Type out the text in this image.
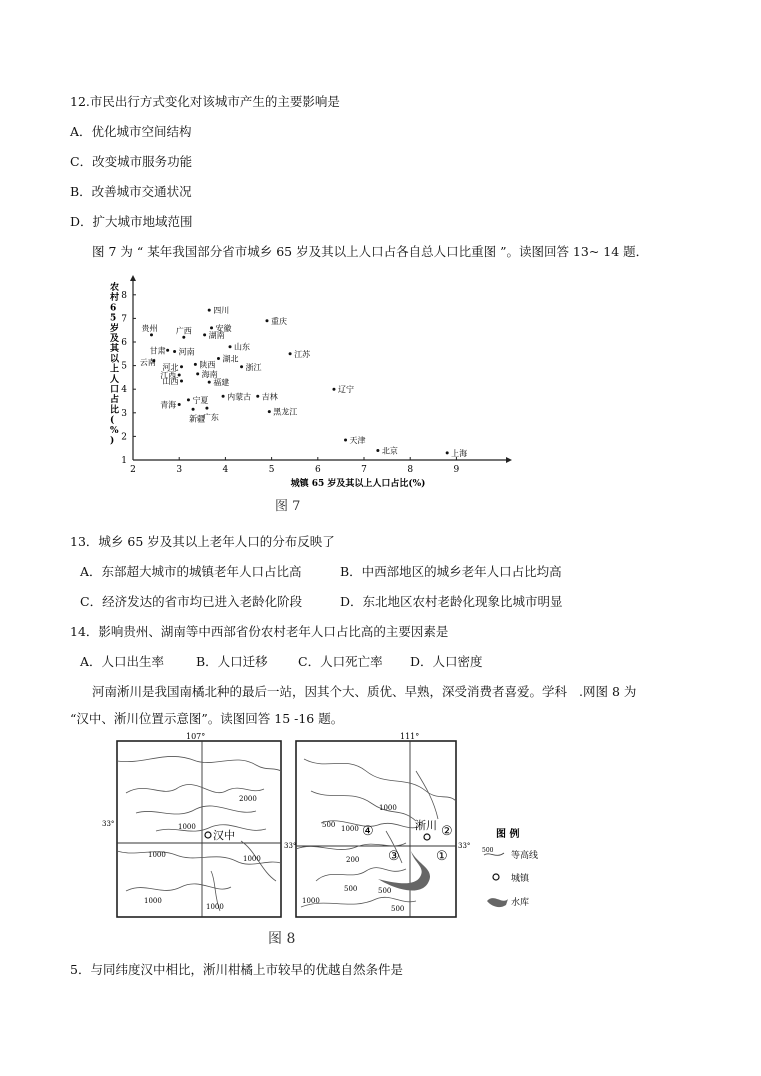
12.市民出行方式变化对该城市产生的主要影响是
A．优化城市空间结构
C．改变城市服务功能
B．改善城市交通状况
D．扩大城市地域范围
图 7 为 “ 某年我国部分省市城乡 65 岁及其以上人口占各自总人口比重图 ”。读图回答 13~ 14 题．
2	3	4	5	6	7	8	9
1
2
3
4
5
6
7
8
四川
重庆
贵州 广西	安徽
湖南
甘肃 河南
山东
湖北
江苏
云南
河北	陕西	浙江
江西	海南
山西	福建
辽宁
宁夏 内蒙古 吉林
青海
新疆
广东
黑龙江
天津
北京	上海
城镇 65 岁及其以上人口占比(%)
图 7
农村 6 5 岁及其以上人口占比( % )
13．城乡 65 岁及其以上老年人口的分布反映了
A．东部超大城市的城镇老年人口占比高	B．中西部地区的城乡老年人口占比均高
C．经济发达的省市均已进入老龄化阶段	D．东北地区农村老龄化现象比城市明显
14．影响贵州、湖南等中西部省份农村老年人口占比高的主要因素是
A．人口出生率	B．人口迁移 C．人口死亡率 D．人口密度
河南淅川是我国南橘北种的最后一站，因其个大、质优、早熟，深受消费者喜爱。学科 .网图 8 为
“汉中、淅川位置示意图”。读图回答 15 -16 题。
107°
汉中
2000
1000
1000	1000
1000
1000
111°
淅川
1000
500 1000
200
500	500
1000
500
④	②
③	①
33°
33°	33°
图 例
500
等高线
城镇
水库
图 8
5．与同纬度汉中相比，淅川柑橘上市较早的优越自然条件是
